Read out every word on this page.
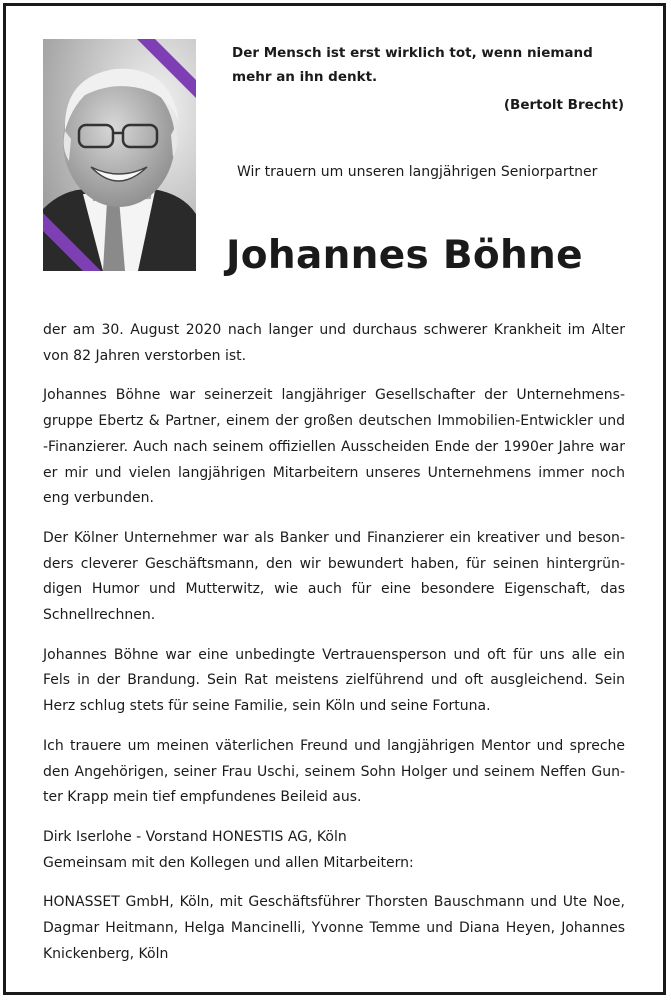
Der Mensch ist erst wirklich tot, wenn niemand mehr an ihn denkt.
(Bertolt Brecht)
Wir trauern um unseren langjährigen Seniorpartner
Johannes Böhne

der am 30. August 2020 nach langer und durchaus schwerer Krankheit im Alter von 82 Jahren verstorben ist.

Johannes Böhne war seinerzeit langjähriger Gesellschafter der Unternehmensgruppe Ebertz & Partner, einem der großen deutschen Immobilien-Entwickler und -Finanzierer. Auch nach seinem offiziellen Ausscheiden Ende der 1990er Jahre war er mir und vielen langjährigen Mitarbeitern unseres Unternehmens immer noch eng verbunden.

Der Kölner Unternehmer war als Banker und Finanzierer ein kreativer und besonders cleverer Geschäftsmann, den wir bewundert haben, für seinen hintergründigen Humor und Mutterwitz, wie auch für eine besondere Eigenschaft, das Schnellrechnen.

Johannes Böhne war eine unbedingte Vertrauensperson und oft für uns alle ein Fels in der Brandung. Sein Rat meistens zielführend und oft ausgleichend. Sein Herz schlug stets für seine Familie, sein Köln und seine Fortuna.

Ich trauere um meinen väterlichen Freund und langjährigen Mentor und spreche den Angehörigen, seiner Frau Uschi, seinem Sohn Holger und seinem Neffen Gunter Krapp mein tief empfundenes Beileid aus.

Dirk Iserlohe - Vorstand HONESTIS AG, Köln
Gemeinsam mit den Kollegen und allen Mitarbeitern:

HONASSET GmbH, Köln, mit Geschäftsführer Thorsten Bauschmann und Ute Noe, Dagmar Heitmann, Helga Mancinelli, Yvonne Temme und Diana Heyen, Johannes Knickenberg, Köln
